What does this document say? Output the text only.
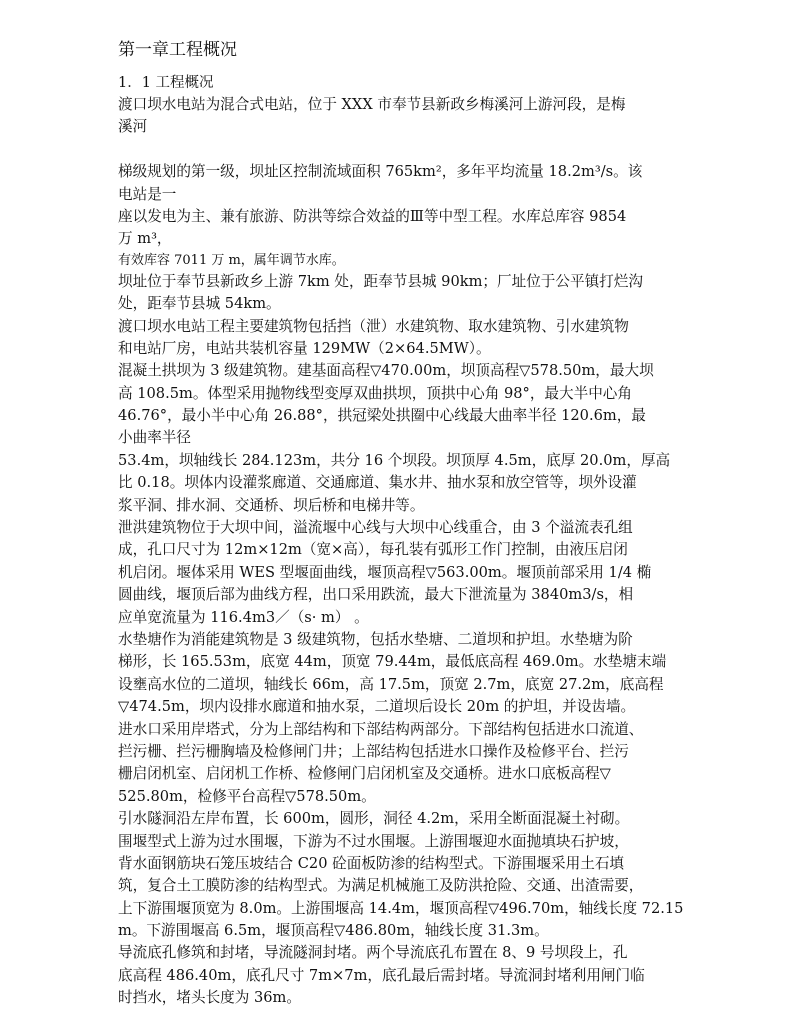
第一章工程概况
1．1 工程概况
渡口坝水电站为混合式电站，位于 XXX 市奉节县新政乡梅溪河上游河段，是梅
溪河
梯级规划的第一级，坝址区控制流域面积 765km²，多年平均流量 18.2m³/s。该
电站是一
座以发电为主、兼有旅游、防洪等综合效益的Ⅲ等中型工程。水库总库容 9854
万 m³，
有效库容 7011 万 m，属年调节水库。
坝址位于奉节县新政乡上游 7km 处，距奉节县城 90km；厂址位于公平镇打烂沟
处，距奉节县城 54km。
渡口坝水电站工程主要建筑物包括挡（泄）水建筑物、取水建筑物、引水建筑物
和电站厂房，电站共装机容量 129MW（2×64.5MW）。
混凝土拱坝为 3 级建筑物。建基面高程▽470.00m，坝顶高程▽578.50m，最大坝
高 108.5m。体型采用抛物线型变厚双曲拱坝，顶拱中心角 98°，最大半中心角
46.76°，最小半中心角 26.88°，拱冠梁处拱圈中心线最大曲率半径 120.6m，最
小曲率半径
53.4m，坝轴线长 284.123m，共分 16 个坝段。坝顶厚 4.5m，底厚 20.0m，厚高
比 0.18。坝体内设灌浆廊道、交通廊道、集水井、抽水泵和放空管等，坝外设灌
浆平洞、排水洞、交通桥、坝后桥和电梯井等。
泄洪建筑物位于大坝中间，溢流堰中心线与大坝中心线重合，由 3 个溢流表孔组
成，孔口尺寸为 12m×12m（宽×高），每孔装有弧形工作门控制，由液压启闭
机启闭。堰体采用 WES 型堰面曲线，堰顶高程▽563.00m。堰顶前部采用 1/4 椭
圆曲线，堰顶后部为曲线方程，出口采用跌流，最大下泄流量为 3840m3/s，相
应单宽流量为 116.4m3／（s· m） 。
水垫塘作为消能建筑物是 3 级建筑物，包括水垫塘、二道坝和护坦。水垫塘为阶
梯形，长 165.53m，底宽 44m，顶宽 79.44m，最低底高程 469.0m。水垫塘末端
设壅高水位的二道坝，轴线长 66m，高 17.5m，顶宽 2.7m，底宽 27.2m，底高程
▽474.5m，坝内设排水廊道和抽水泵，二道坝后设长 20m 的护坦，并设齿墙。
进水口采用岸塔式，分为上部结构和下部结构两部分。下部结构包括进水口流道、
拦污栅、拦污栅胸墙及检修闸门井；上部结构包括进水口操作及检修平台、拦污
栅启闭机室、启闭机工作桥、检修闸门启闭机室及交通桥。进水口底板高程▽
525.80m，检修平台高程▽578.50m。
引水隧洞沿左岸布置，长 600m，圆形，洞径 4.2m，采用全断面混凝土衬砌。
围堰型式上游为过水围堰，下游为不过水围堰。上游围堰迎水面抛填块石护坡，
背水面钢筋块石笼压坡结合 C20 砼面板防渗的结构型式。下游围堰采用土石填
筑，复合土工膜防渗的结构型式。为满足机械施工及防洪抢险、交通、出渣需要，
上下游围堰顶宽为 8.0m。上游围堰高 14.4m，堰顶高程▽496.70m，轴线长度 72.15
m。下游围堰高 6.5m，堰顶高程▽486.80m，轴线长度 31.3m。
导流底孔修筑和封堵，导流隧洞封堵。两个导流底孔布置在 8、9 号坝段上，孔
底高程 486.40m，底孔尺寸 7m×7m，底孔最后需封堵。导流洞封堵利用闸门临
时挡水，堵头长度为 36m。
